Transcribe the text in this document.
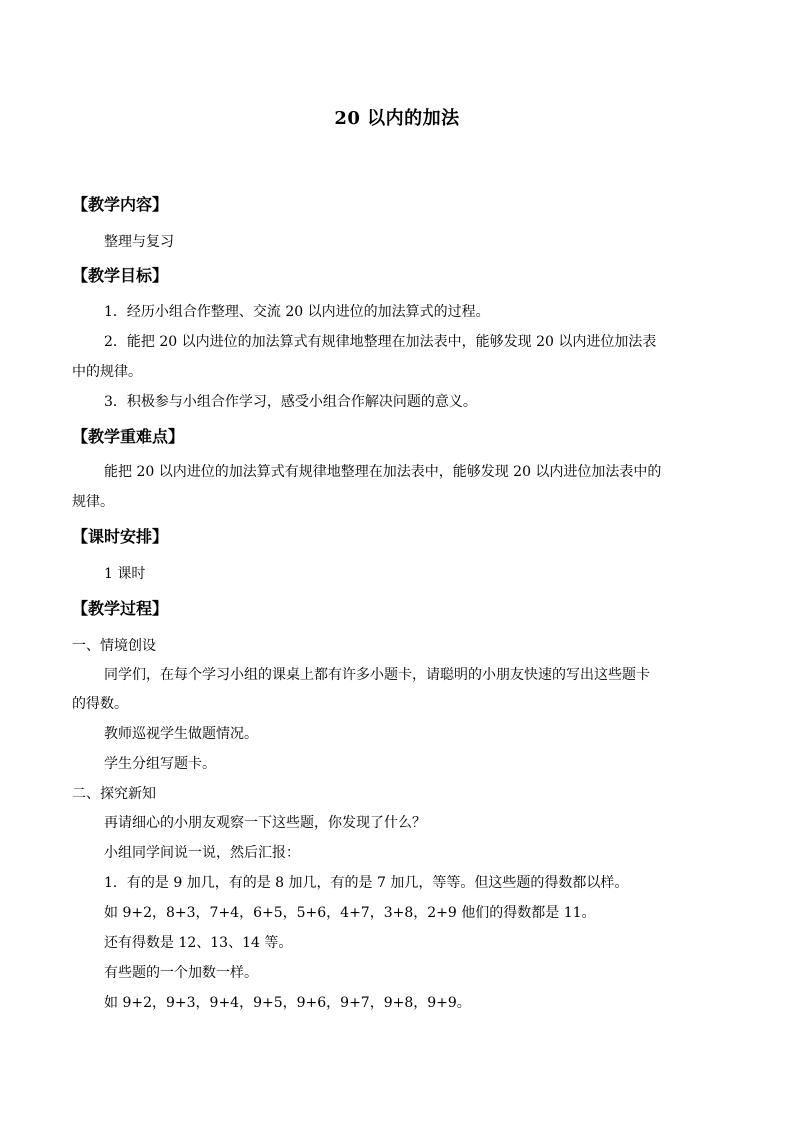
20 以内的加法
【教学内容】
整理与复习
【教学目标】
1．经历小组合作整理、交流 20 以内进位的加法算式的过程。
2．能把 20 以内进位的加法算式有规律地整理在加法表中，能够发现 20 以内进位加法表
中的规律。
3．积极参与小组合作学习，感受小组合作解决问题的意义。
【教学重难点】
能把 20 以内进位的加法算式有规律地整理在加法表中，能够发现 20 以内进位加法表中的
规律。
【课时安排】
1 课时
【教学过程】
一、情境创设
同学们，在每个学习小组的课桌上都有许多小题卡，请聪明的小朋友快速的写出这些题卡
的得数。
教师巡视学生做题情况。
学生分组写题卡。
二、探究新知
再请细心的小朋友观察一下这些题，你发现了什么？
小组同学间说一说，然后汇报：
1．有的是 9 加几，有的是 8 加几，有的是 7 加几，等等。但这些题的得数都以样。
如 9+2，8+3，7+4，6+5，5+6，4+7，3+8，2+9 他们的得数都是 11。
还有得数是 12、13、14 等。
有些题的一个加数一样。
如 9+2，9+3，9+4，9+5，9+6，9+7，9+8，9+9。
